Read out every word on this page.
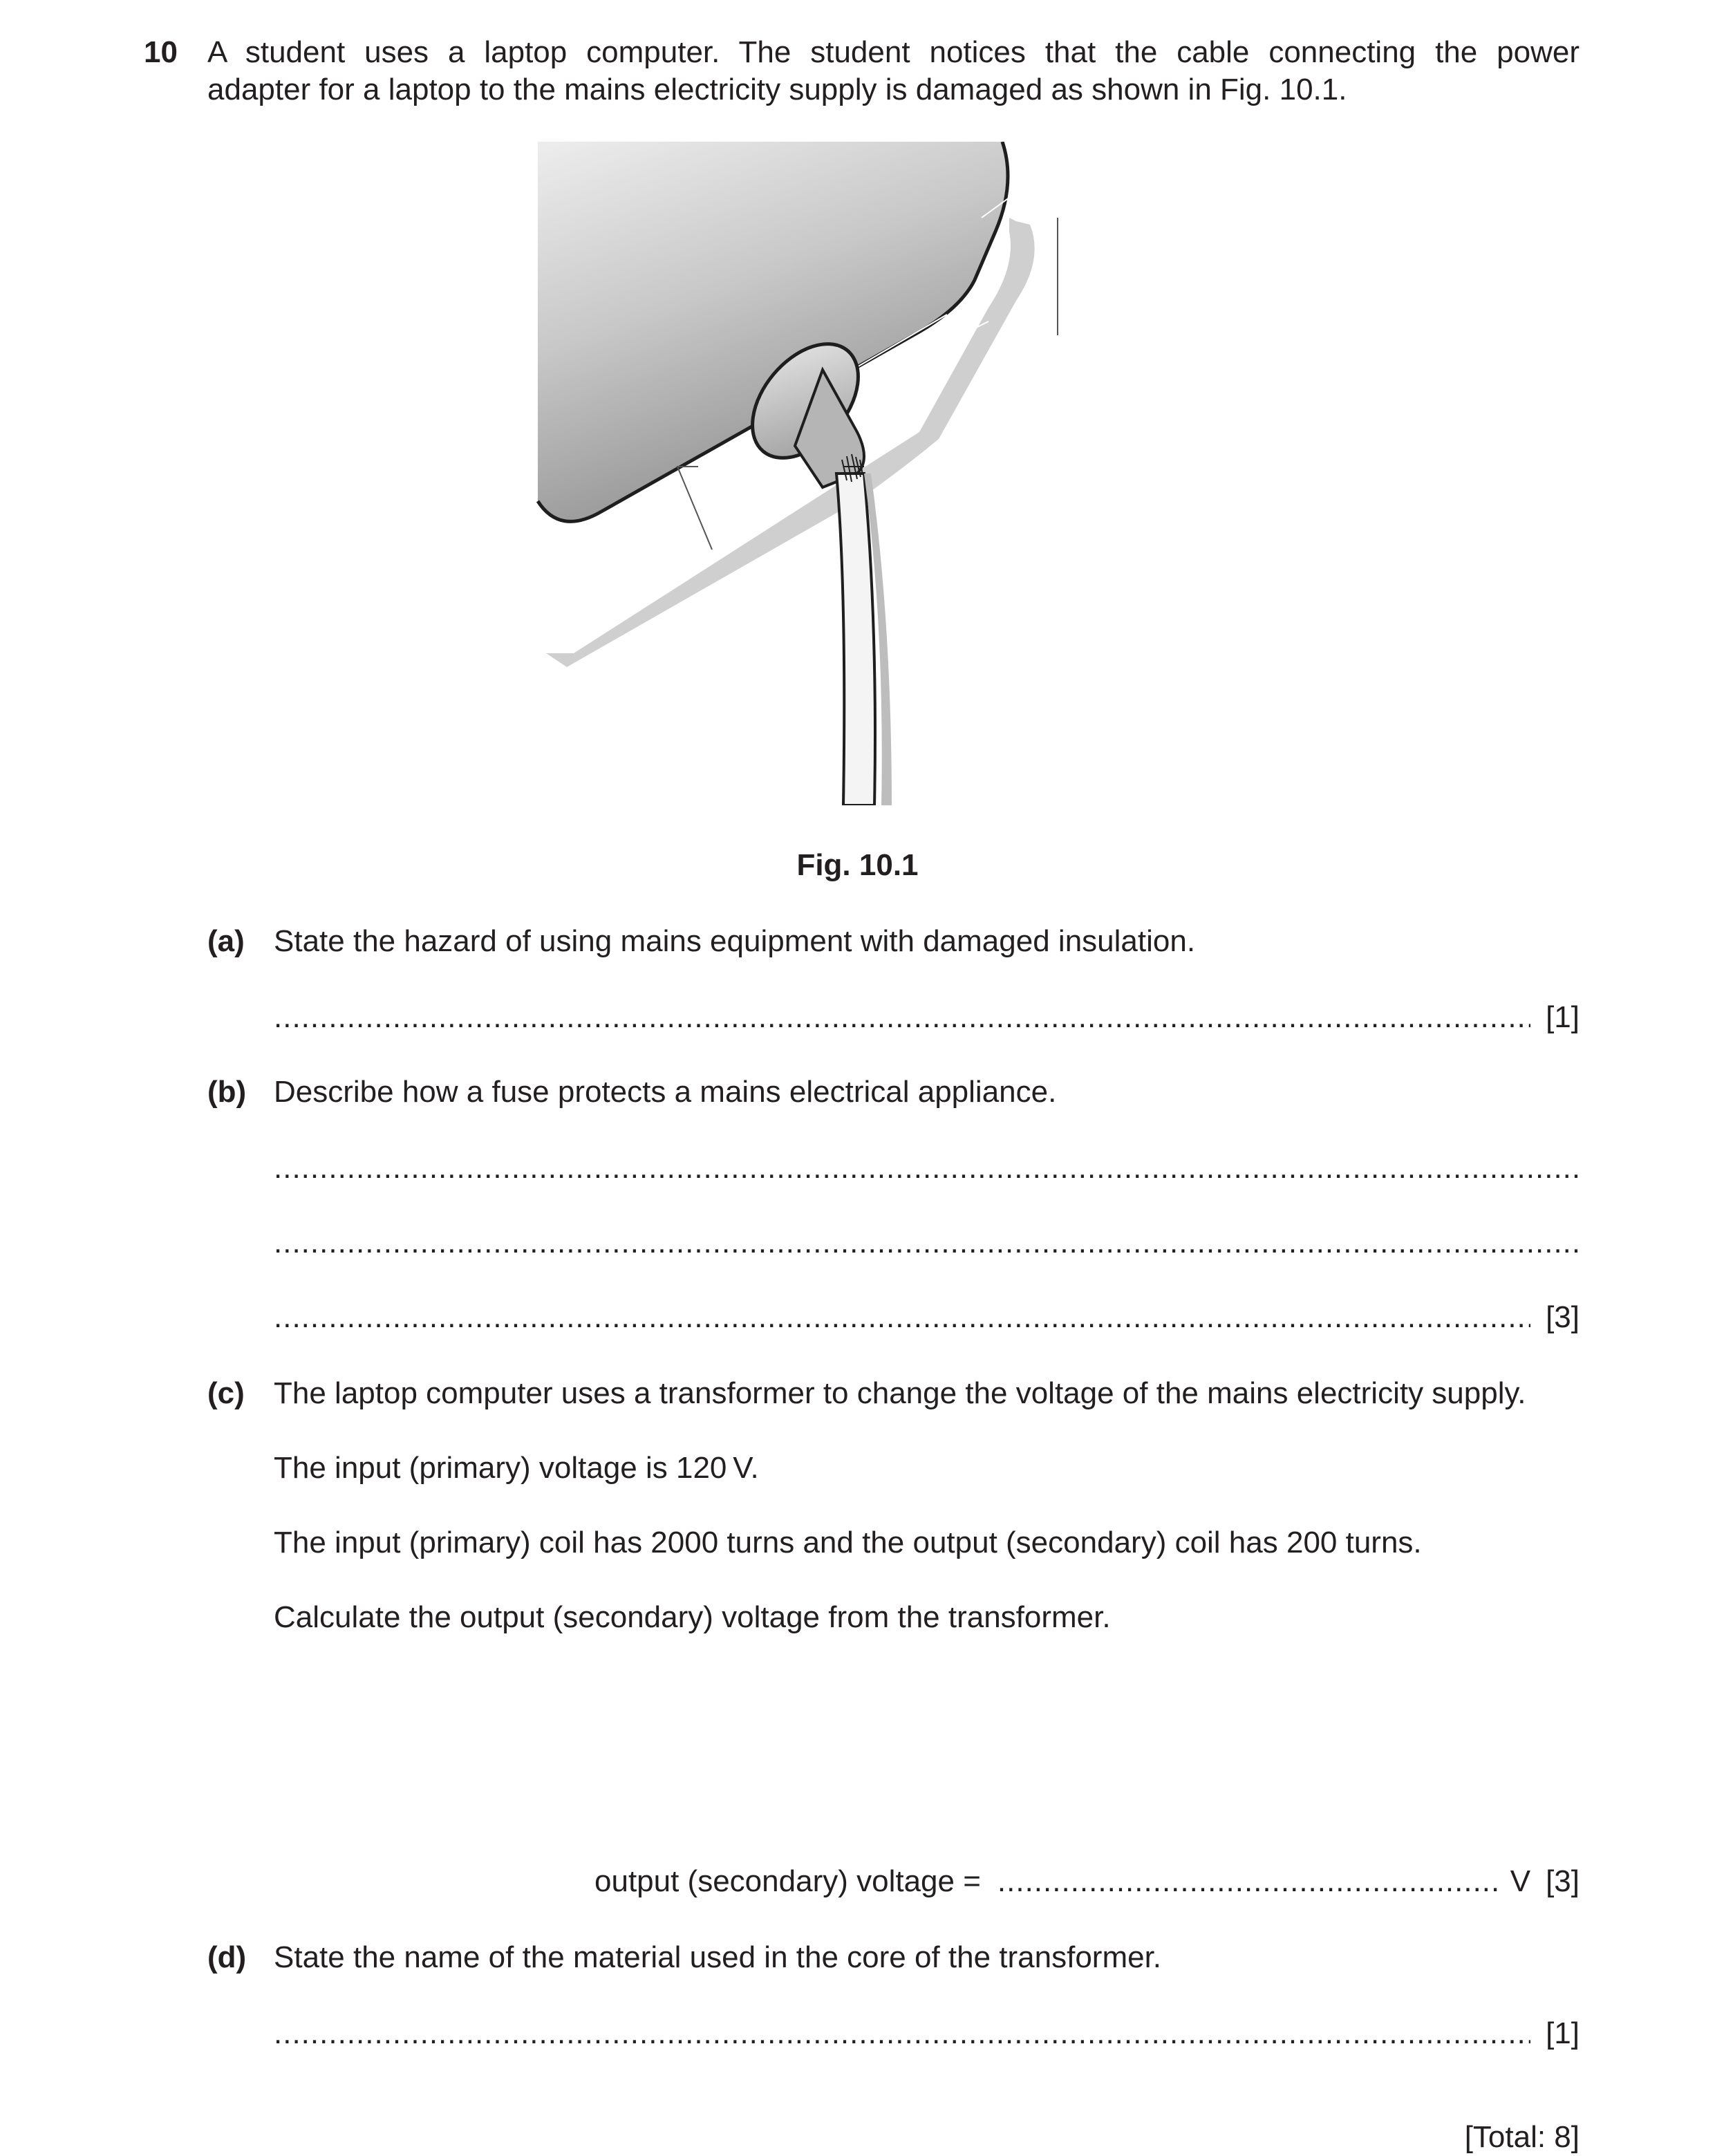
10 A student uses a laptop computer. The student notices that the cable connecting the power
adapter for a laptop to the mains electricity supply is damaged as shown in Fig. 10.1.
Fig. 10.1
(a) State the hazard of using mains equipment with damaged insulation.
.....
[1]
(b) Describe how a fuse protects a mains electrical appliance.
.....
.....
.....
[3]
(c) The laptop computer uses a transformer to change the voltage of the mains electricity supply.
The input (primary) voltage is 120 V.
The input (primary) coil has 2000 turns and the output (secondary) coil has 200 turns.
Calculate the output (secondary) voltage from the transformer.
output (secondary) voltage =
.....	V [3]
(d) State the name of the material used in the core of the transformer.
.....
[1]
[Total: 8]
